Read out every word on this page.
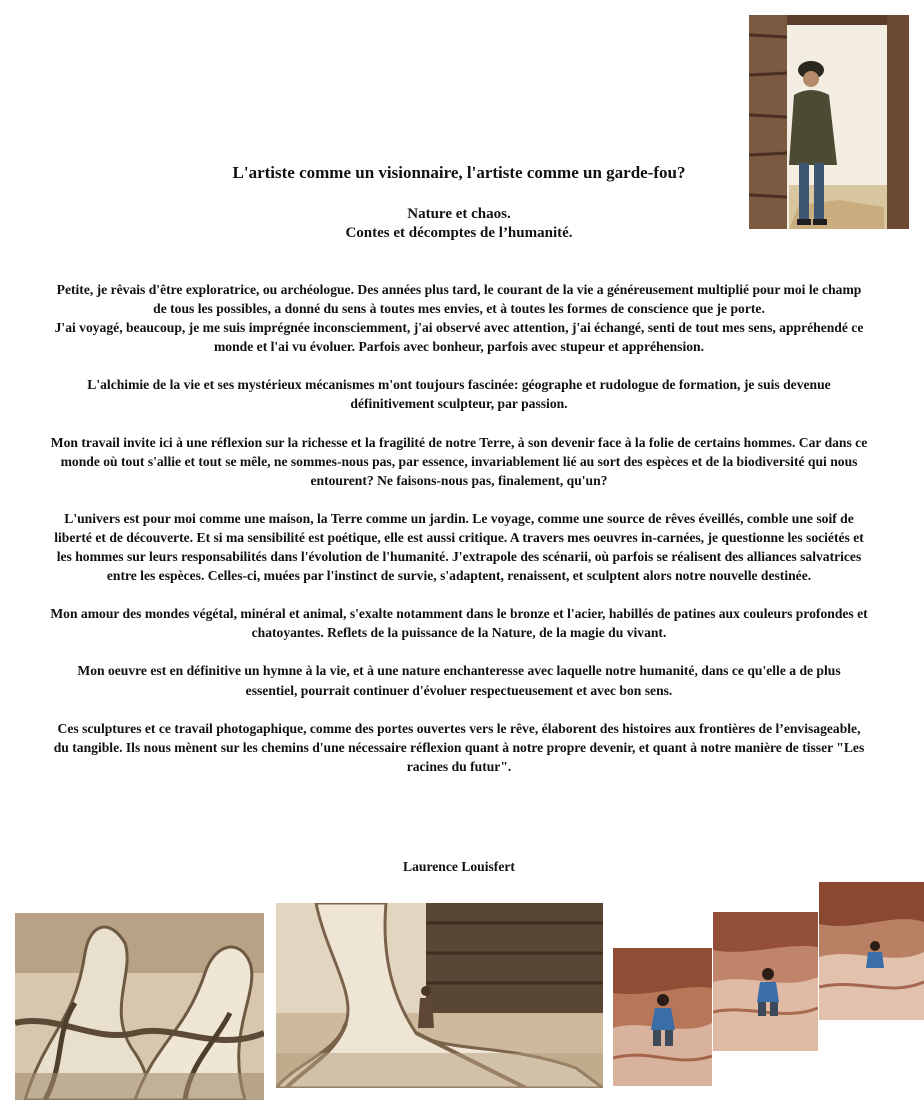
L'artiste comme un visionnaire, l'artiste comme un garde-fou?
Nature et chaos.
Contes et décomptes de l’humanité.

Petite, je rêvais d'être exploratrice, ou archéologue. Des années plus tard, le courant de la vie a généreusement multiplié pour moi le champ de tous les possibles, a donné du sens à toutes mes envies, et à toutes les formes de conscience que je porte.
J'ai voyagé, beaucoup, je me suis imprégnée inconsciemment, j'ai observé avec attention, j'ai échangé, senti de tout mes sens, appréhendé ce monde et l'ai vu évoluer. Parfois avec bonheur, parfois avec stupeur et appréhension.

L'alchimie de la vie et ses mystérieux mécanismes m'ont toujours fascinée: géographe et rudologue de formation, je suis devenue définitivement sculpteur, par passion.

Mon travail invite ici à une réflexion sur la richesse et la fragilité de notre Terre, à son devenir face à la folie de certains hommes. Car dans ce monde où tout s'allie et tout se mêle, ne sommes-nous pas, par essence, invariablement lié au sort des espèces et de la biodiversité qui nous entourent? Ne faisons-nous pas, finalement, qu'un?

L'univers est pour moi comme une maison, la Terre comme un jardin. Le voyage, comme une source de rêves éveillés, comble une soif de liberté et de découverte. Et si ma sensibilité est poétique, elle est aussi critique. A travers mes oeuvres in-carnées, je questionne les sociétés et les hommes sur leurs responsabilités dans l'évolution de l'humanité. J'extrapole des scénarii, où parfois se réalisent des alliances salvatrices entre les espèces. Celles-ci, muées par l'instinct de survie, s'adaptent, renaissent, et sculptent alors notre nouvelle destinée.

Mon amour des mondes végétal, minéral et animal, s'exalte notamment dans le bronze et l'acier, habillés de patines aux couleurs profondes et chatoyantes. Reflets de la puissance de la Nature, de la magie du vivant.

Mon oeuvre est en définitive un hymne à la vie, et à une nature enchanteresse avec laquelle notre humanité, dans ce qu'elle a de plus essentiel, pourrait continuer d'évoluer respectueusement et avec bon sens.

Ces sculptures et ce travail photogaphique, comme des portes ouvertes vers le rêve, élaborent des histoires aux frontières de l’envisageable, du tangible. Ils nous mènent sur les chemins d'une nécessaire réflexion quant à notre propre devenir, et quant à notre manière de tisser "Les racines du futur".

Laurence Louisfert
